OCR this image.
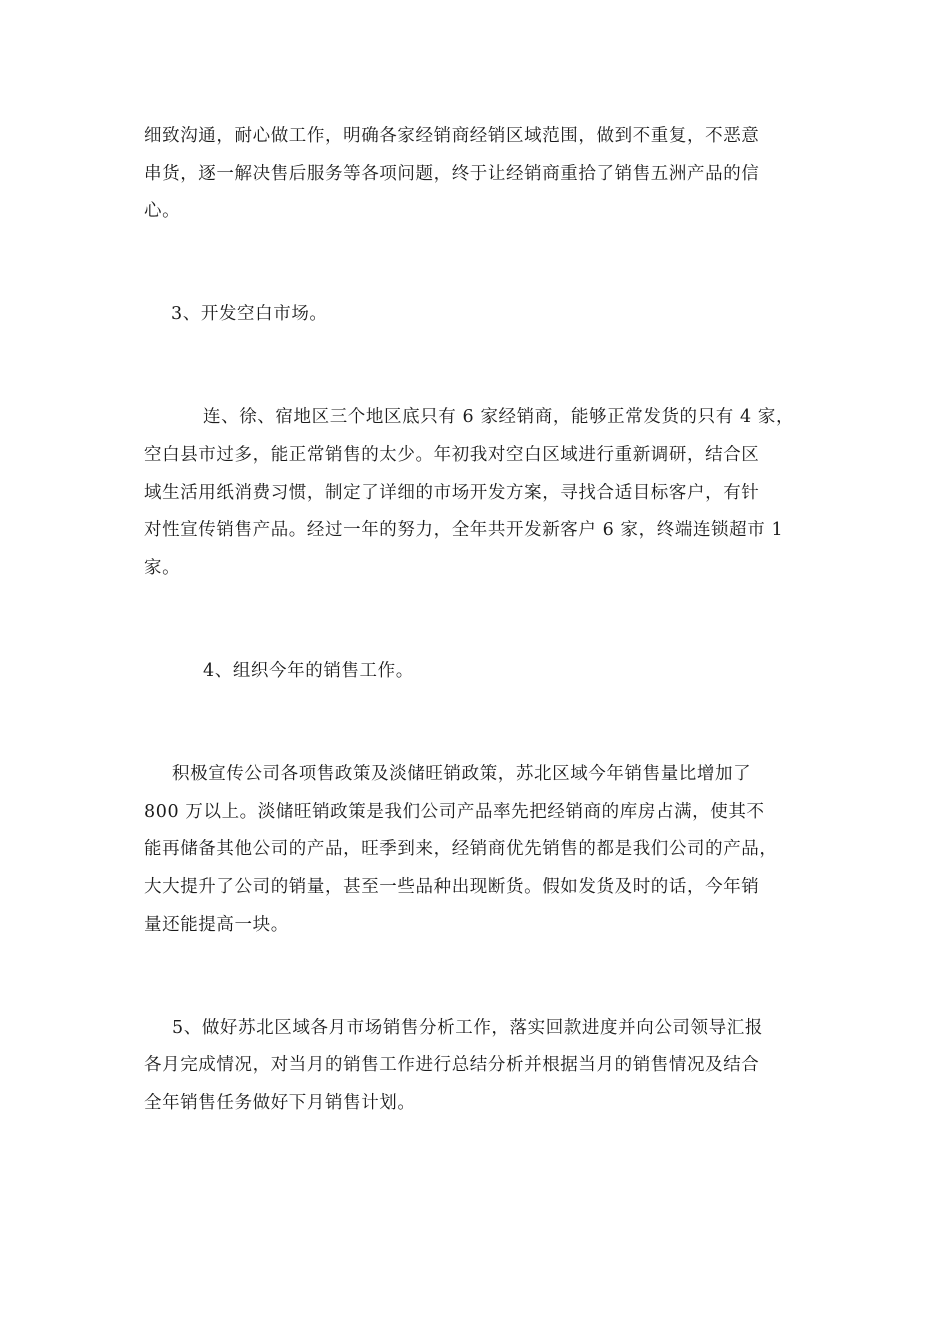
细致沟通，耐心做工作，明确各家经销商经销区域范围，做到不重复，不恶意
串货，逐一解决售后服务等各项问题，终于让经销商重拾了销售五洲产品的信
心。
3、开发空白市场。
连、徐、宿地区三个地区底只有 6 家经销商，能够正常发货的只有 4 家，
空白县市过多，能正常销售的太少。年初我对空白区域进行重新调研，结合区
域生活用纸消费习惯，制定了详细的市场开发方案，寻找合适目标客户，有针
对性宣传销售产品。经过一年的努力，全年共开发新客户 6 家，终端连锁超市 1
家。
4、组织今年的销售工作。
积极宣传公司各项售政策及淡储旺销政策，苏北区域今年销售量比增加了
800 万以上。淡储旺销政策是我们公司产品率先把经销商的库房占满，使其不
能再储备其他公司的产品，旺季到来，经销商优先销售的都是我们公司的产品，
大大提升了公司的销量，甚至一些品种出现断货。假如发货及时的话，今年销
量还能提高一块。
5、做好苏北区域各月市场销售分析工作，落实回款进度并向公司领导汇报
各月完成情况，对当月的销售工作进行总结分析并根据当月的销售情况及结合
全年销售任务做好下月销售计划。
